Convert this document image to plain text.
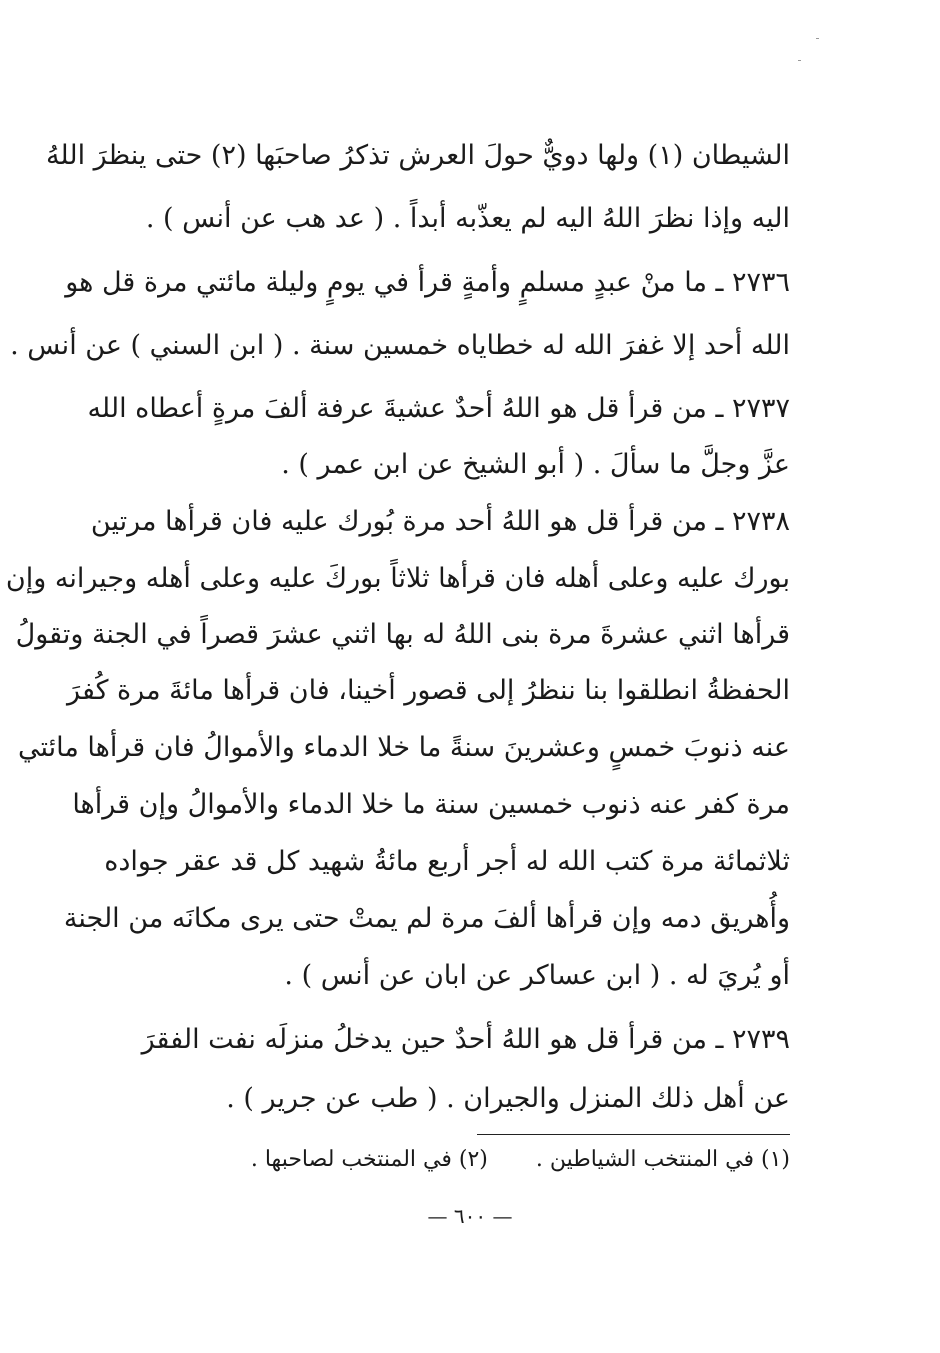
الشيطان (١) ولها دويٌّ حولَ العرش تذكرُ صاحبَها (٢) حتى ينظرَ اللهُ
اليه وإذا نظرَ اللهُ اليه لم يعذّبه أبداً . ( عد هب عن أنس ) .
٢٧٣٦ ـ ما منْ عبدٍ مسلمٍ وأمةٍ قرأ في يومٍ وليلة مائتي مرة قل هو
الله أحد إلا غفرَ الله له خطاياه خمسين سنة . ( ابن السني ) عن أنس .
٢٧٣٧ ـ من قرأ قل هو اللهُ أحدٌ عشيةَ عرفة ألفَ مرةٍ أعطاه الله
عزَّ وجلَّ ما سألَ . ( أبو الشيخ عن ابن عمر ) .
٢٧٣٨ ـ من قرأ قل هو اللهُ أحد مرة بُورك عليه فان قرأها مرتين
بورك عليه وعلى أهله فان قرأها ثلاثاً بوركَ عليه وعلى أهله وجيرانه وإن
قرأها اثني عشرةَ مرة بنى اللهُ له بها اثني عشرَ قصراً في الجنة وتقولُ
الحفظةُ انطلقوا بنا ننظرُ إلى قصور أخينا، فان قرأها مائةَ مرة كُفرَ
عنه ذنوبَ خمسٍ وعشرينَ سنةً ما خلا الدماء والأموالُ فان قرأها مائتي
مرة كفر عنه ذنوب خمسين سنة ما خلا الدماء والأموالُ وإن قرأها
ثلاثمائة مرة كتب الله له أجر أربع مائةُ شهيد كل قد عقر جواده
وأُهريق دمه وإن قرأها ألفَ مرة لم يمتْ حتى يرى مكانَه من الجنة
أو يُريَ له . ( ابن عساكر عن ابان عن أنس ) .
٢٧٣٩ ـ من قرأ قل هو اللهُ أحدٌ حين يدخلُ منزلَه نفت الفقرَ
عن أهل ذلك المنزل والجيران . ( طب عن جرير ) .
(١) في المنتخب الشياطين .(٢) في المنتخب لصاحبها .
— ٦٠٠ —
